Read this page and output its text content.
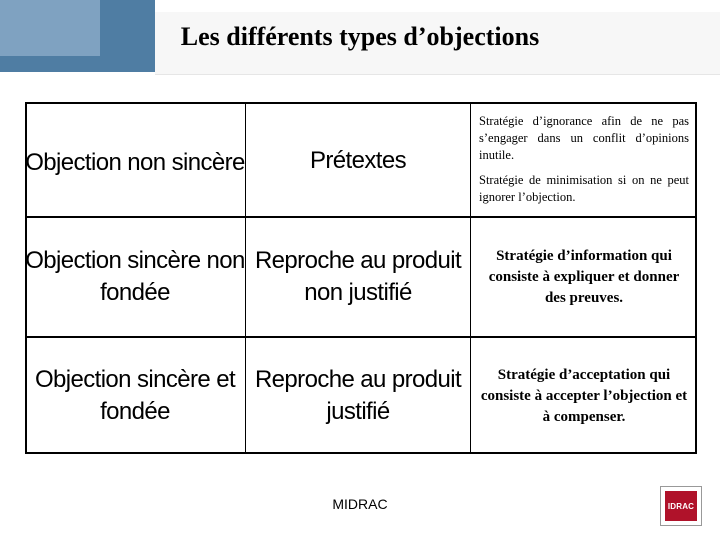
Les différents types d’objections
Objection non sincère	Prétextes

Stratégie d’ignorance afin de ne pas s’engager dans un conflit d’opinions inutile.

Stratégie de minimisation si on ne peut ignorer l’objection.

Objection sincère non fondée
Reproche au produit non justifié
Stratégie d’information qui consiste à expliquer et donner des preuves.
Objection sincère et fondée
Reproche au produit justifié
Stratégie d’acceptation qui consiste à accepter l’objection et à compenser.
MIDRAC	IDRAC
